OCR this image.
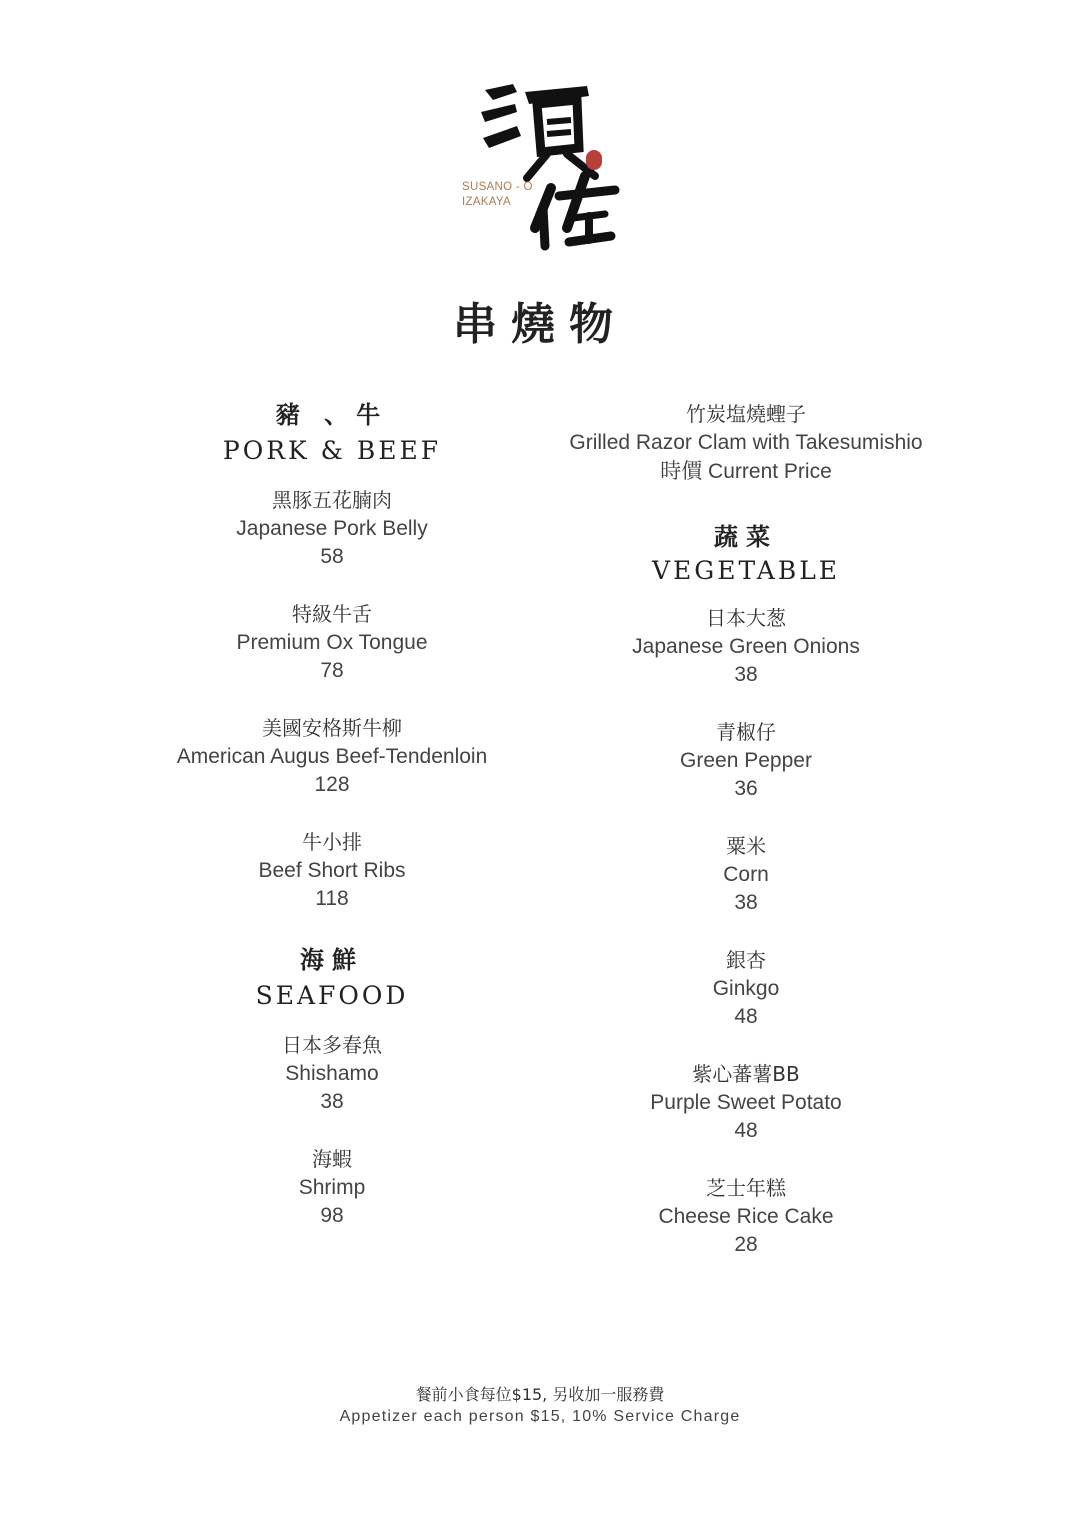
SUSANO - O
IZAKAYA
串燒物
豬 、牛
PORK & BEEF
黑豚五花腩肉
Japanese Pork Belly
58
特級牛舌
Premium Ox Tongue
78
美國安格斯牛柳
American Augus Beef-Tendenloin
128
牛小排
Beef Short Ribs
118
海鮮
SEAFOOD
日本多春魚
Shishamo
38
海蝦
Shrimp
98
竹炭塩燒蟶子
Grilled Razor Clam with Takesumishio
時價 Current Price
蔬菜
VEGETABLE
日本大葱
Japanese Green Onions
38
青椒仔
Green Pepper
36
粟米
Corn
38
銀杏
Ginkgo
48
紫心蕃薯BB
Purple Sweet Potato
48
芝士年糕
Cheese Rice Cake
28
餐前小食每位$15, 另收加一服務費
Appetizer each person $15, 10% Service Charge
